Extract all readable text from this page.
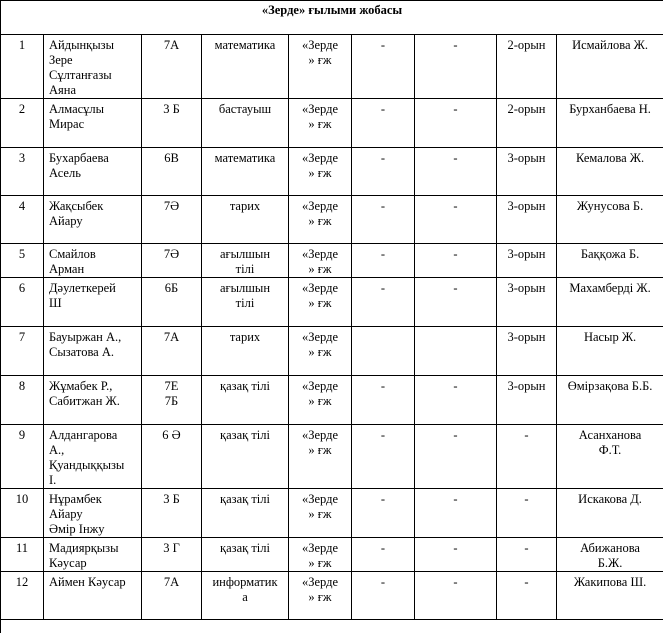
«Зерде» ғылыми жобасы								
1	Айдынқызы
Зере
Сұлтанғазы
Аяна	7А	математика	«Зерде
» ғж	-	-	2-орын	Исмайлова Ж.

2	Алмасұлы
Мирас	3 Б	бастауыш	«Зерде
» ғж	-	-	2-орын	Бурханбаева Н.

3	Бухарбаева
Асель	6В	математика	«Зерде
» ғж	-	-	3-орын	Кемалова Ж.

4	Жақсыбек
Айару	7Ә	тарих	«Зерде
» ғж	-	-	3-орын	Жунусова Б.

5	Смайлов
Арман	7Ә	ағылшын
тілі	«Зерде
» ғж	-	-	3-орын	Баққожа Б.

6	Дәулеткерей
Ш	6Б	ағылшын
тілі	«Зерде
» ғж	-	-	3-орын	Махамберді Ж.

7	Бауыржан А.,
Сызатова А.	7А	тарих	«Зерде
» ғж			3-орын	Насыр Ж.

8	Жұмабек Р.,
Сабитжан Ж.	7Е
7Б	қазақ тілі	«Зерде
» ғж	-	-	3-орын	Өмірзақова Б.Б.

9	Алдангарова
А.,
Қуандыққызы
І.	6 Ә	қазақ тілі	«Зерде
» ғж	-	-	-	Асанханова
Ф.Т.

10	Нұрамбек
Айару
Әмір Інжу	3 Б	қазақ тілі	«Зерде
» ғж	-	-	-	Искакова Д.

11	Мадиярқызы
Кәусар	3 Г	қазақ тілі	«Зерде
» ғж	-	-	-	Абижанова
Б.Ж.

12	Аймен Кәусар	7А	информатик
а	«Зерде
» ғж	-	-	-	Жакипова Ш.
